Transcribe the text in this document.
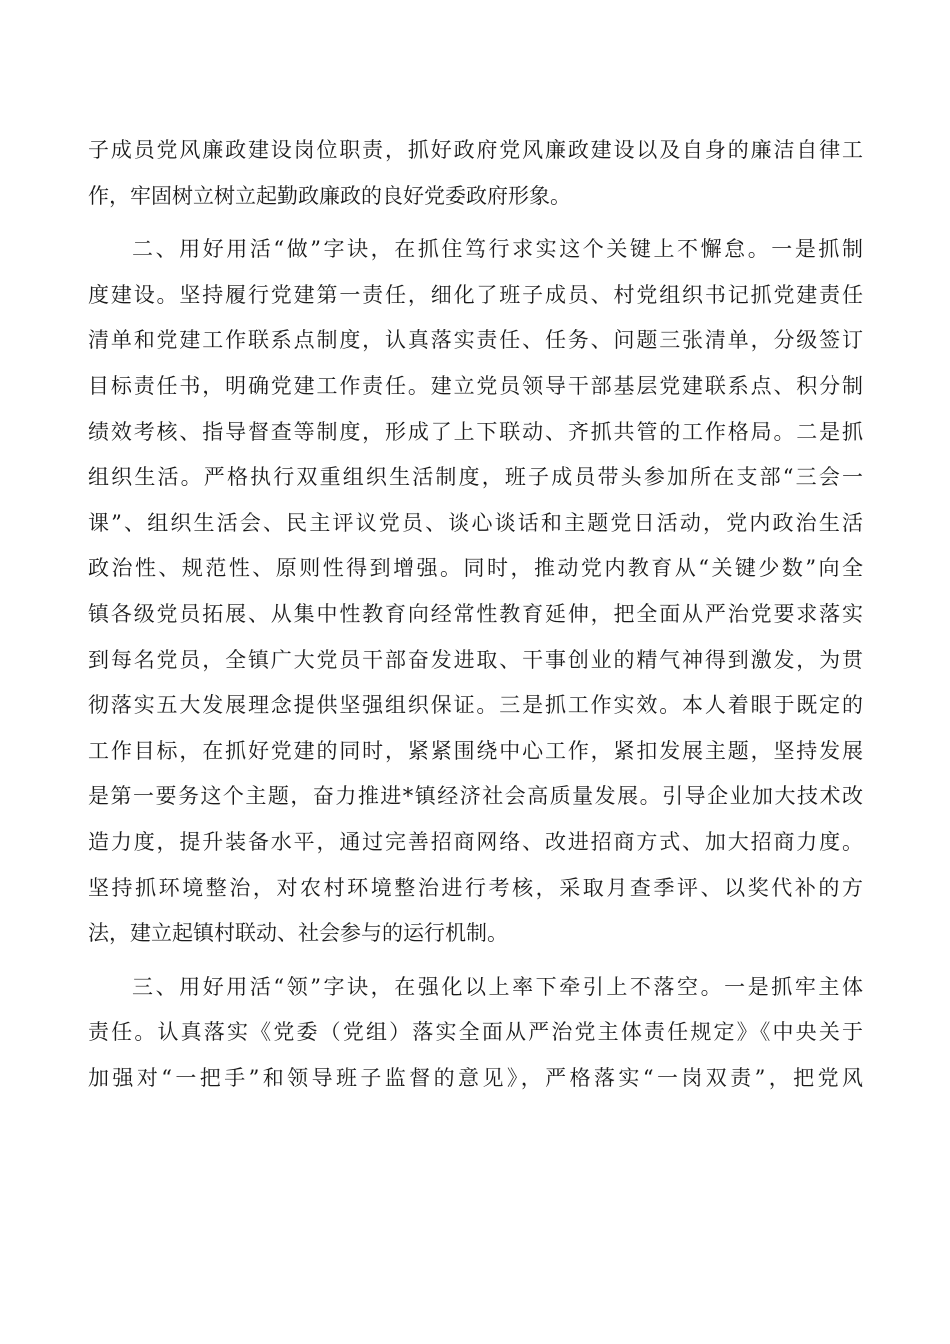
子成员党风廉政建设岗位职责，抓好政府党风廉政建设以及自身的廉洁自律工
作，牢固树立树立起勤政廉政的良好党委政府形象。
二、用好用活“做”字诀，在抓住笃行求实这个关键上不懈怠。一是抓制
度建设。坚持履行党建第一责任，细化了班子成员、村党组织书记抓党建责任
清单和党建工作联系点制度，认真落实责任、任务、问题三张清单，分级签订
目标责任书，明确党建工作责任。建立党员领导干部基层党建联系点、积分制
绩效考核、指导督查等制度，形成了上下联动、齐抓共管的工作格局。二是抓
组织生活。严格执行双重组织生活制度，班子成员带头参加所在支部“三会一
课”、组织生活会、民主评议党员、谈心谈话和主题党日活动，党内政治生活
政治性、规范性、原则性得到增强。同时，推动党内教育从“关键少数”向全
镇各级党员拓展、从集中性教育向经常性教育延伸，把全面从严治党要求落实
到每名党员，全镇广大党员干部奋发进取、干事创业的精气神得到激发，为贯
彻落实五大发展理念提供坚强组织保证。三是抓工作实效。本人着眼于既定的
工作目标，在抓好党建的同时，紧紧围绕中心工作，紧扣发展主题，坚持发展
是第一要务这个主题，奋力推进*镇经济社会高质量发展。引导企业加大技术改
造力度，提升装备水平，通过完善招商网络、改进招商方式、加大招商力度。
坚持抓环境整治，对农村环境整治进行考核，采取月查季评、以奖代补的方
法，建立起镇村联动、社会参与的运行机制。
三、用好用活“领”字诀，在强化以上率下牵引上不落空。一是抓牢主体
责任。认真落实《党委（党组）落实全面从严治党主体责任规定》《中央关于
加强对“一把手”和领导班子监督的意见》，严格落实“一岗双责”，把党风
